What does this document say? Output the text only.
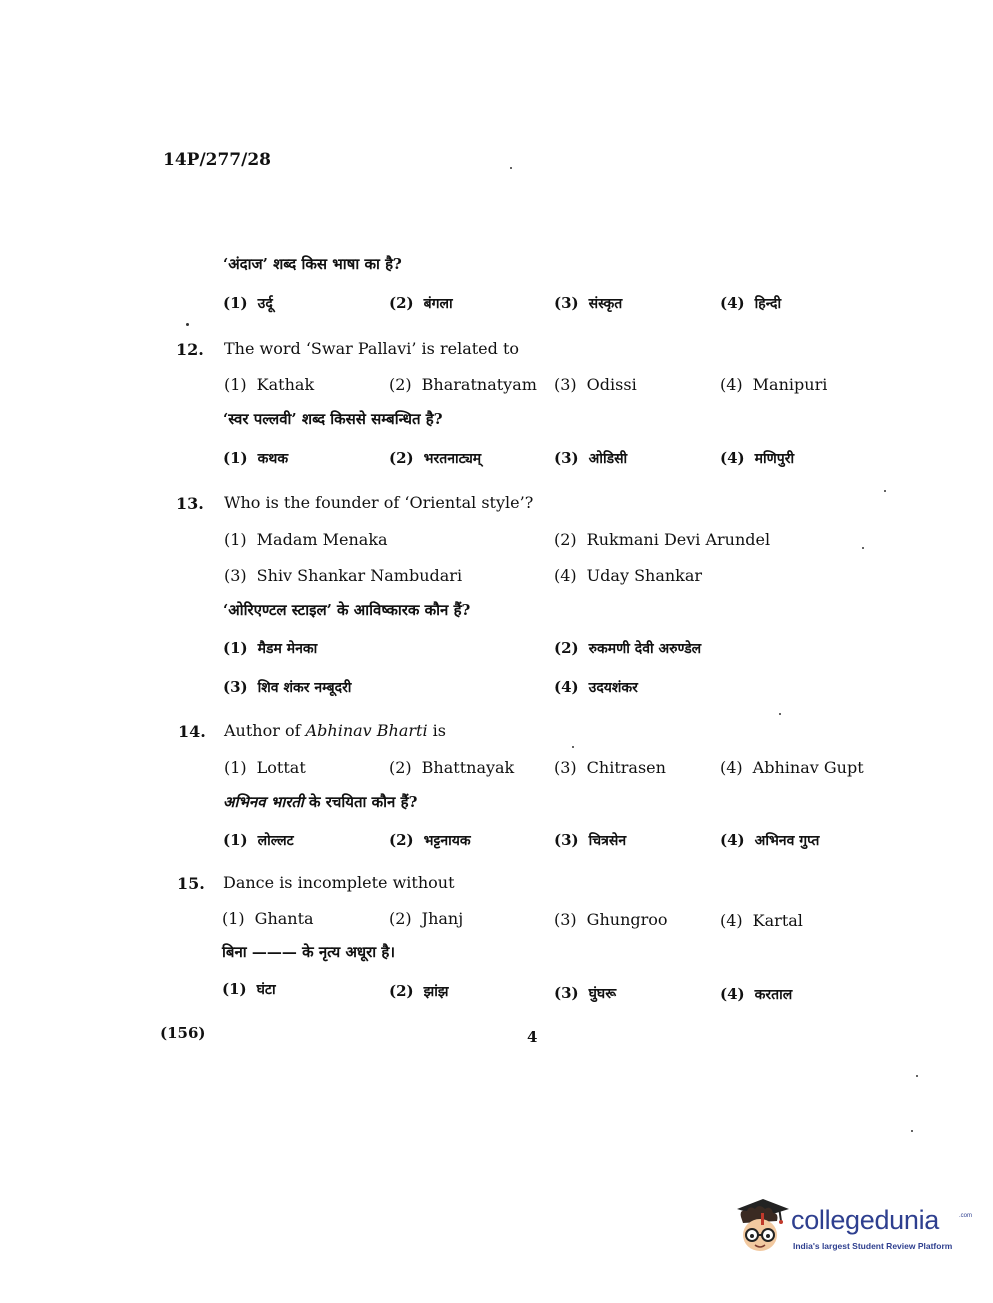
14P/277/28
‘अंदाज’ शब्द किस भाषा का है?
(1) उर्दू	(2) बंगला	(3) संस्कृत	(4) हिन्दी
12. The word ‘Swar Pallavi’ is related to
(1) Kathak	(2) Bharatnatyam (3) Odissi	(4) Manipuri
‘स्वर पल्लवी’ शब्द किससे सम्बन्धित है?
(1) कथक	(2) भरतनाट्यम्	(3) ओडिसी	(4) मणिपुरी
13. Who is the founder of ‘Oriental style’?
(1) Madam Menaka	(2) Rukmani Devi Arundel
(3) Shiv Shankar Nambudari	(4) Uday Shankar
‘ओरिएण्टल स्टाइल’ के आविष्कारक कौन हैं?
(1) मैडम मेनका	(2) रुकमणी देवी अरुण्डेल
(3) शिव शंकर नम्बूदरी	(4) उदयशंकर
14. Author of Abhinav Bharti is
(1) Lottat	(2) Bhattnayak (3) Chitrasen	(4) Abhinav Gupt
अभिनव भारती के रचयिता कौन हैं?
(1) लोल्लट	(2) भट्टनायक	(3) चित्रसेन	(4) अभिनव गुप्त
15. Dance is incomplete without
(1) Ghanta	(2) Jhanj	(3) Ghungroo	(4) Kartal
बिना ——— के नृत्य अधूरा है।
(1) घंटा	(2) झांझ	(3) घुंघरू	(4) करताल
(156)	4
collegedunia	.com
India's largest Student Review Platform
